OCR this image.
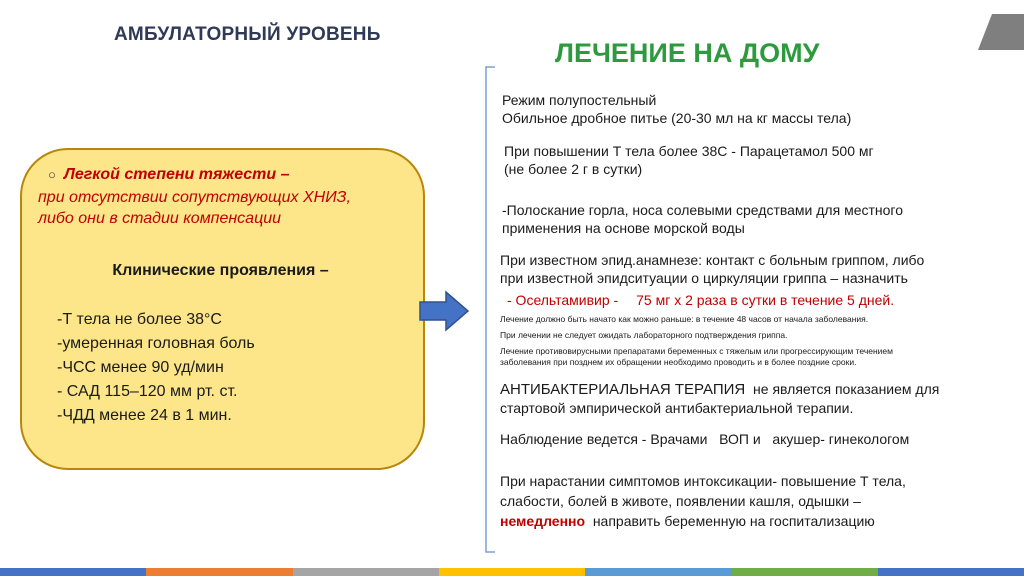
АМБУЛАТОРНЫЙ УРОВЕНЬ
ЛЕЧЕНИЕ НА ДОМУ
○ Легкой степени тяжести –
при отсутствии сопутствующих ХНИЗ,
либо они в стадии компенсации
Клинические проявления –
-Т тела не более 38°С
-умеренная головная боль
-ЧСС менее 90 уд/мин
- САД 115–120 мм рт. ст.
-ЧДД менее 24 в 1 мин.
Режим полупостельный
Обильное дробное питье (20-30 мл на кг массы тела)
При повышении Т тела более 38С - Парацетамол 500 мг
(не более 2 г в сутки)
-Полоскание горла, носа солевыми средствами для местного
применения на основе морской воды
При известном эпид.анамнезе: контакт с больным гриппом, либо
при известной эпидситуации о циркуляции гриппа – назначить
- Осельтамивир - 75 мг х 2 раза в сутки в течение 5 дней.
Лечение должно быть начато как можно раньше: в течение 48 часов от начала заболевания.
При лечении не следует ожидать лабораторного подтверждения гриппа.
Лечение противовирусными препаратами беременных с тяжелым или прогрессирующим течением
заболевания при позднем их обращении необходимо проводить и в более поздние сроки.
АНТИБАКТЕРИАЛЬНАЯ ТЕРАПИЯ  не является показанием для
стартовой эмпирической антибактериальной терапии.
Наблюдение ведется - Врачами   ВОП и   акушер- гинекологом
При нарастании симптомов интоксикации- повышение Т тела,
слабости, болей в животе, появлении кашля, одышки –
немедленно  направить беременную на госпитализацию
